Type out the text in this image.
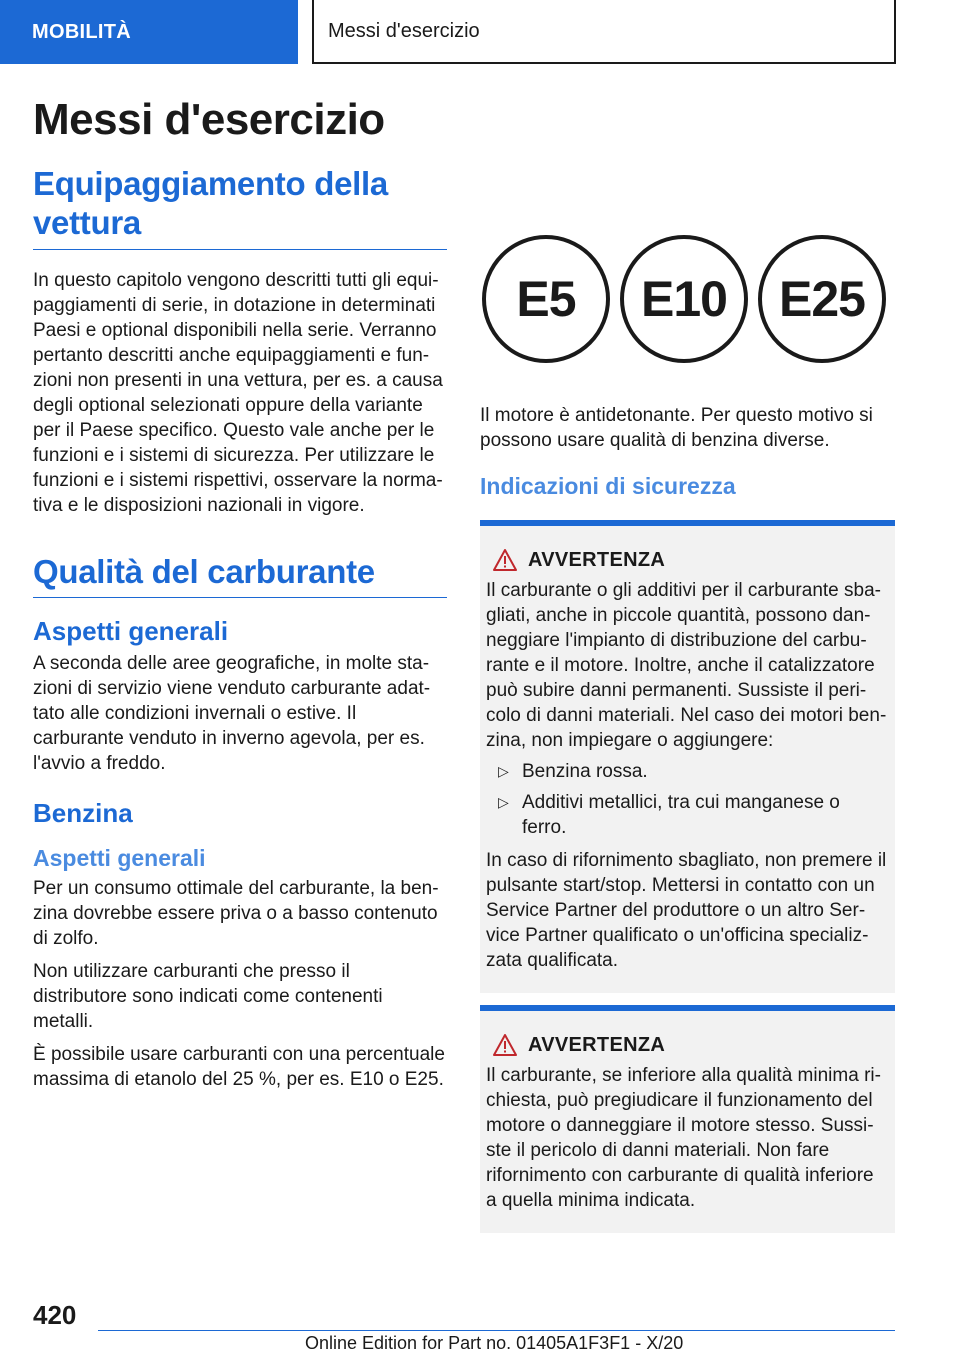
MOBILITÀ	Messi d'esercizio
Messi d'esercizio
Equipaggiamento della vettura

In questo capitolo vengono descritti tutti gli equipaggiamenti di serie, in dotazione in determinati Paesi e optional disponibili nella serie. Verranno pertanto descritti anche equipaggiamenti e funzioni non presenti in una vettura, per es. a causa degli optional selezionati oppure della variante per il Paese specifico. Questo vale anche per le funzioni e i sistemi di sicurezza. Per utilizzare le funzioni e i sistemi rispettivi, osservare la normativa e le disposizioni nazionali in vigore.

Qualità del carburante
Aspetti generali

A seconda delle aree geografiche, in molte stazioni di servizio viene venduto carburante adattato alle condizioni invernali o estive. Il carburante venduto in inverno agevola, per es. l'avvio a freddo.

Benzina
Aspetti generali

Per un consumo ottimale del carburante, la benzina dovrebbe essere priva o a basso contenuto di zolfo.

Non utilizzare carburanti che presso il distributore sono indicati come contenenti metalli.

È possibile usare carburanti con una percentuale massima di etanolo del 25 %, per es. E10 o E25.

E5	E10	E25

Il motore è antidetonante. Per questo motivo si possono usare qualità di benzina diverse.

Indicazioni di sicurezza
AVVERTENZA

Il carburante o gli additivi per il carburante sbagliati, anche in piccole quantità, possono danneggiare l'impianto di distribuzione del carburante e il motore. Inoltre, anche il catalizzatore può subire danni permanenti. Sussiste il pericolo di danni materiali. Nel caso dei motori benzina, non impiegare o aggiungere:

▷ Benzina rossa.
▷ Additivi metallici, tra cui manganese o ferro.

In caso di rifornimento sbagliato, non premere il pulsante start/stop. Mettersi in contatto con un Service Partner del produttore o un altro Service Partner qualificato o un'officina specializzata qualificata.

AVVERTENZA

Il carburante, se inferiore alla qualità minima richiesta, può pregiudicare il funzionamento del motore o danneggiare il motore stesso. Sussiste il pericolo di danni materiali. Non fare rifornimento con carburante di qualità inferiore a quella minima indicata.

420
Online Edition for Part no. 01405A1F3F1 - X/20
